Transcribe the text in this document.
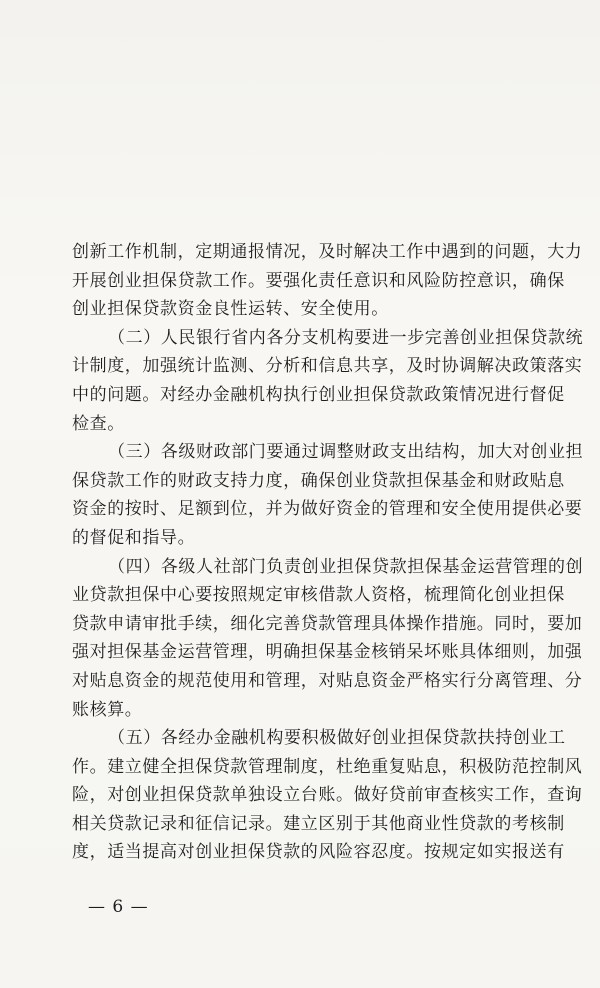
创新工作机制，定期通报情况，及时解决工作中遇到的问题，大力
开展创业担保贷款工作。要强化责任意识和风险防控意识，确保
创业担保贷款资金良性运转、安全使用。
（二）人民银行省内各分支机构要进一步完善创业担保贷款统
计制度，加强统计监测、分析和信息共享，及时协调解决政策落实
中的问题。对经办金融机构执行创业担保贷款政策情况进行督促
检查。
（三）各级财政部门要通过调整财政支出结构，加大对创业担
保贷款工作的财政支持力度，确保创业贷款担保基金和财政贴息
资金的按时、足额到位，并为做好资金的管理和安全使用提供必要
的督促和指导。
（四）各级人社部门负责创业担保贷款担保基金运营管理的创
业贷款担保中心要按照规定审核借款人资格，梳理简化创业担保
贷款申请审批手续，细化完善贷款管理具体操作措施。同时，要加
强对担保基金运营管理，明确担保基金核销呆坏账具体细则，加强
对贴息资金的规范使用和管理，对贴息资金严格实行分离管理、分
账核算。
（五）各经办金融机构要积极做好创业担保贷款扶持创业工
作。建立健全担保贷款管理制度，杜绝重复贴息，积极防范控制风
险，对创业担保贷款单独设立台账。做好贷前审查核实工作，查询
相关贷款记录和征信记录。建立区别于其他商业性贷款的考核制
度，适当提高对创业担保贷款的风险容忍度。按规定如实报送有
— 6 —
